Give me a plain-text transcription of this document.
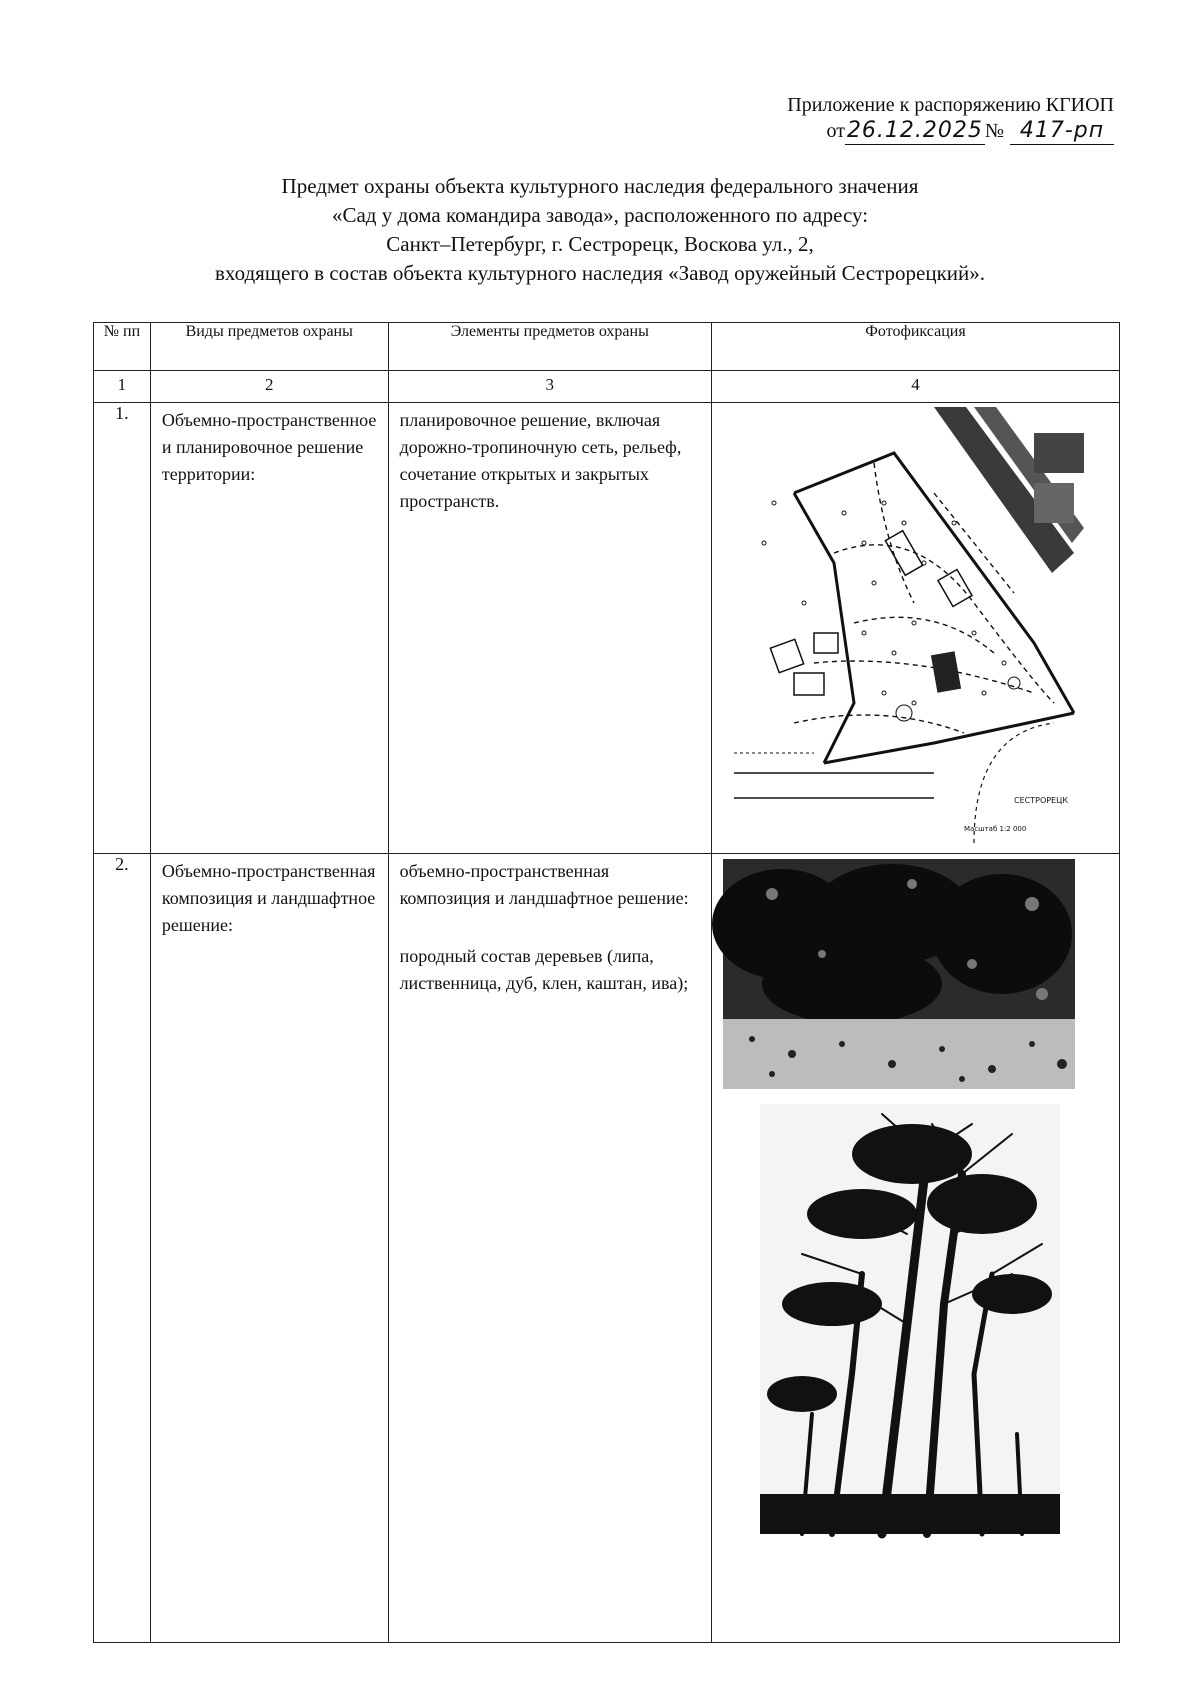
Приложение к распоряжению КГИОП
от 26.12.2025 № 417-рп
Предмет охраны объекта культурного наследия федерального значения
«Сад у дома командира завода», расположенного по адресу:
Санкт–Петербург, г. Сестрорецк, Воскова ул., 2,
входящего в состав объекта культурного наследия «Завод оружейный Сестрорецкий».
№ пп	Виды предметов охраны	Элементы предметов охраны	Фотофиксация
1	2	3	4
1.	Объемно-пространственное и планировочное решение территории:	планировочное решение, включая дорожно-тропиночную сеть, рельеф, сочетание открытых и закрытых пространств.	СЕСТРОРЕЦК
Масштаб 1:2 000

2.	Объемно-пространственная композиция и ландшафтное решение:	объемно-пространственная композиция и ландшафтное решение:
породный состав деревьев (липа, лиственница, дуб, клен, каштан, ива);
